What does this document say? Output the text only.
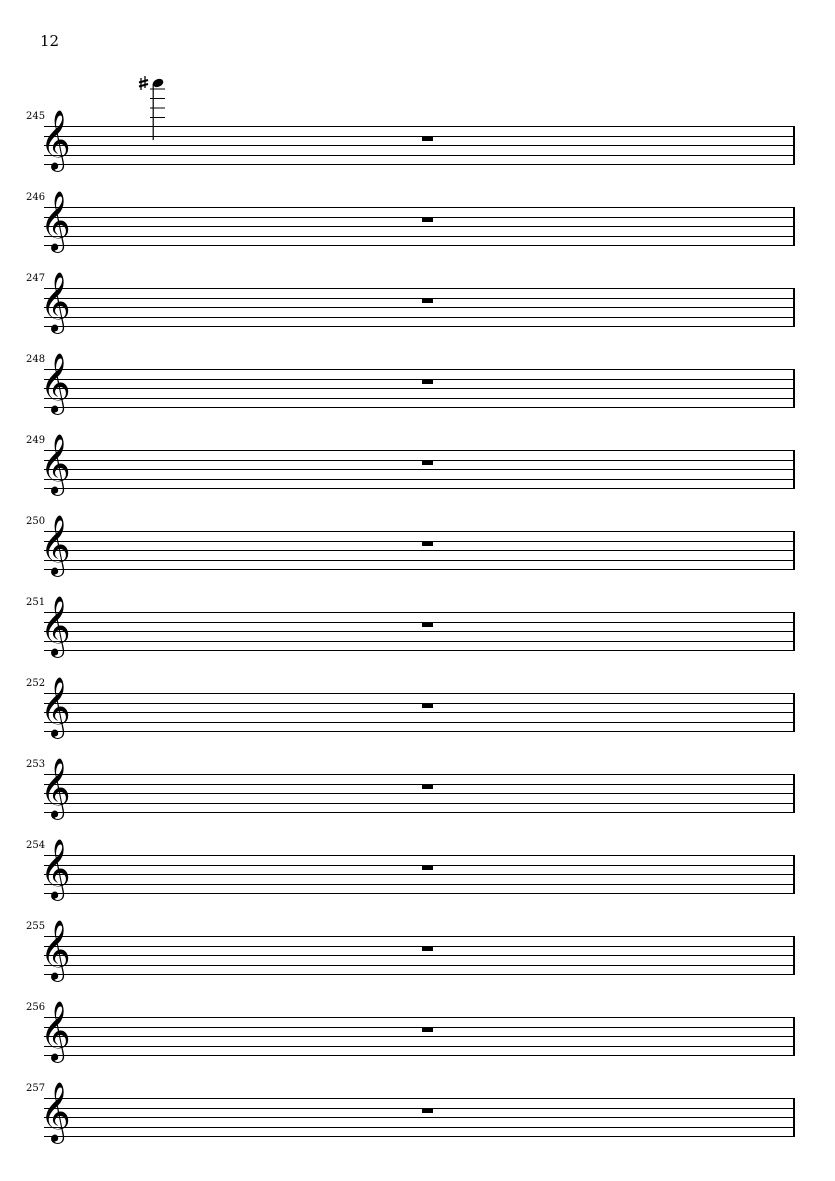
12
245
𝄞
246
𝄞
247
𝄞
248
𝄞
249
𝄞
250
𝄞
251
𝄞
252
𝄞
253
𝄞
254
𝄞
255
𝄞
256
𝄞
257
𝄞
